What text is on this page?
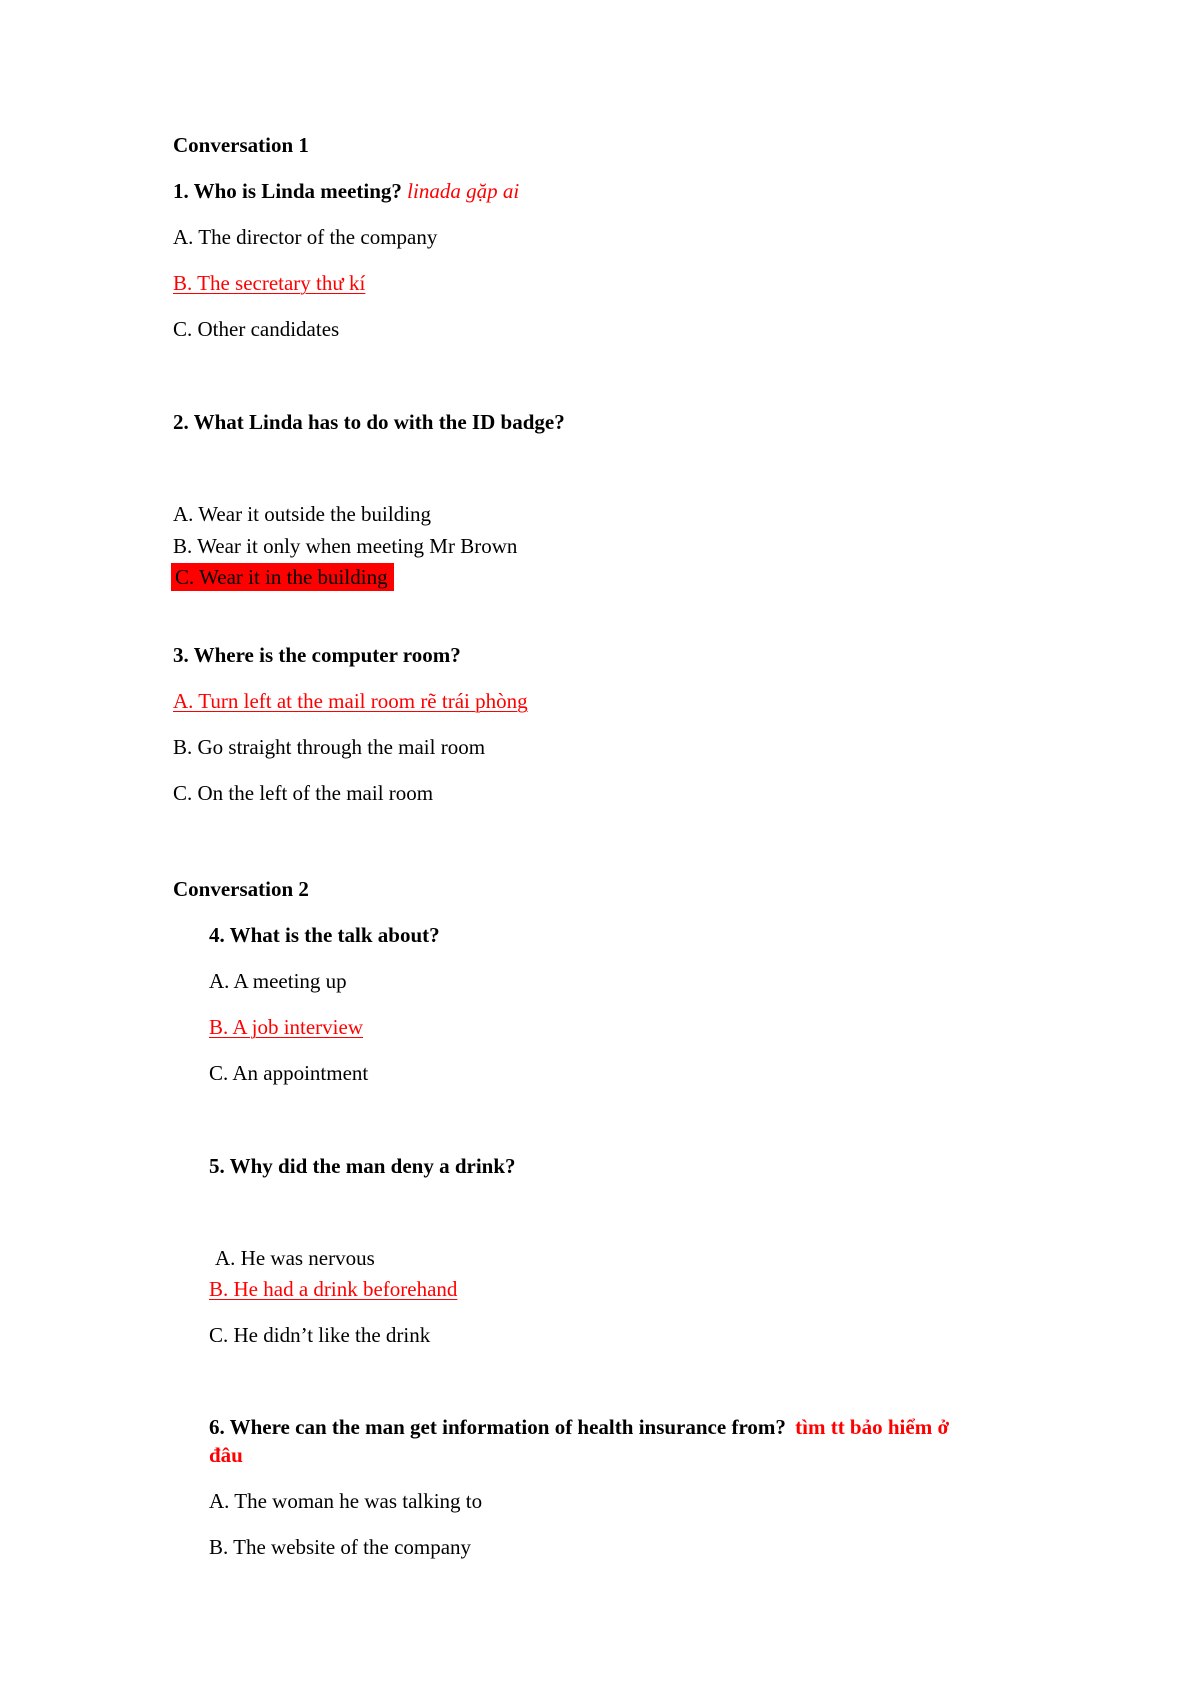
Conversation 1
1. Who is Linda meeting? linada gặp ai
A. The director of the company
B. The secretary thư kí
C. Other candidates
2. What Linda has to do with the ID badge?
A. Wear it outside the building
B. Wear it only when meeting Mr Brown
C. Wear it in the building
3. Where is the computer room?
A. Turn left at the mail room rẽ trái phòng
B. Go straight through the mail room
C. On the left of the mail room
Conversation 2
4. What is the talk about?
A. A meeting up
B. A job interview
C. An appointment
5. Why did the man deny a drink?
A. He was nervous
B. He had a drink beforehand
C. He didn’t like the drink
6. Where can the man get information of health insurance from? tìm tt bảo hiểm ở
đâu
A. The woman he was talking to
B. The website of the company
